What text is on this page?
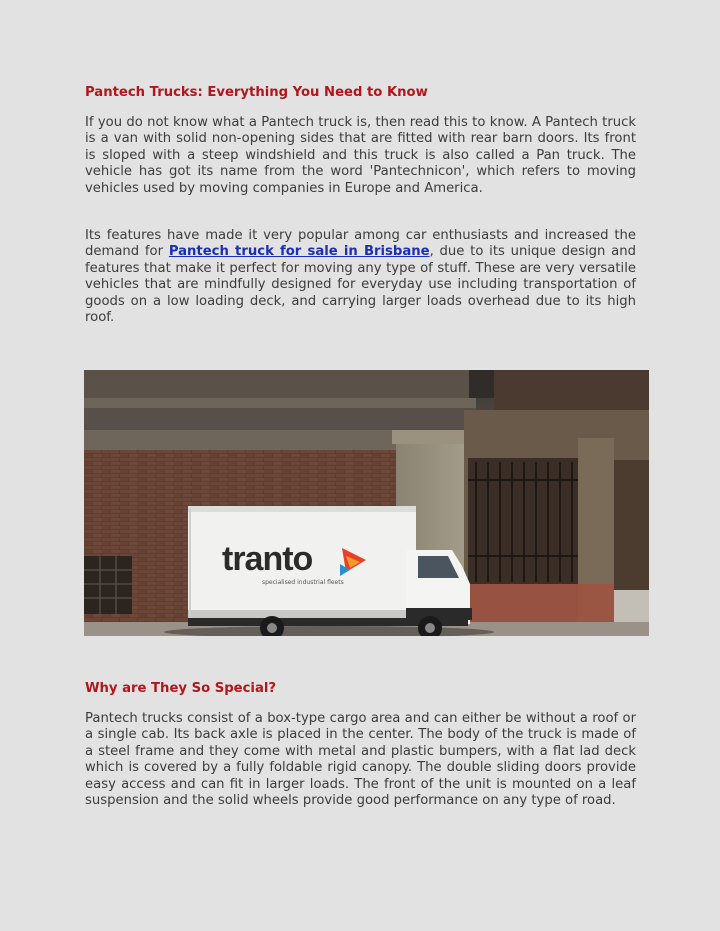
Pantech Trucks: Everything You Need to Know

If you do not know what a Pantech truck is, then read this to know. A Pantech truck is a van with solid non-opening sides that are fitted with rear barn doors. Its front is sloped with a steep windshield and this truck is also called a Pan truck. The vehicle has got its name from the word 'Pantechnicon', which refers to moving vehicles used by moving companies in Europe and America.

Its features have made it very popular among car enthusiasts and increased the demand for Pantech truck for sale in Brisbane, due to its unique design and features that make it perfect for moving any type of stuff. These are very versatile vehicles that are mindfully designed for everyday use including transportation of goods on a low loading deck, and carrying larger loads overhead due to its high roof.

tranto
specialised industrial fleets
Why are They So Special?

Pantech trucks consist of a box-type cargo area and can either be without a roof or a single cab. Its back axle is placed in the center. The body of the truck is made of a steel frame and they come with metal and plastic bumpers, with a flat lad deck which is covered by a fully foldable rigid canopy. The double sliding doors provide easy access and can fit in larger loads. The front of the unit is mounted on a leaf suspension and the solid wheels provide good performance on any type of road.
